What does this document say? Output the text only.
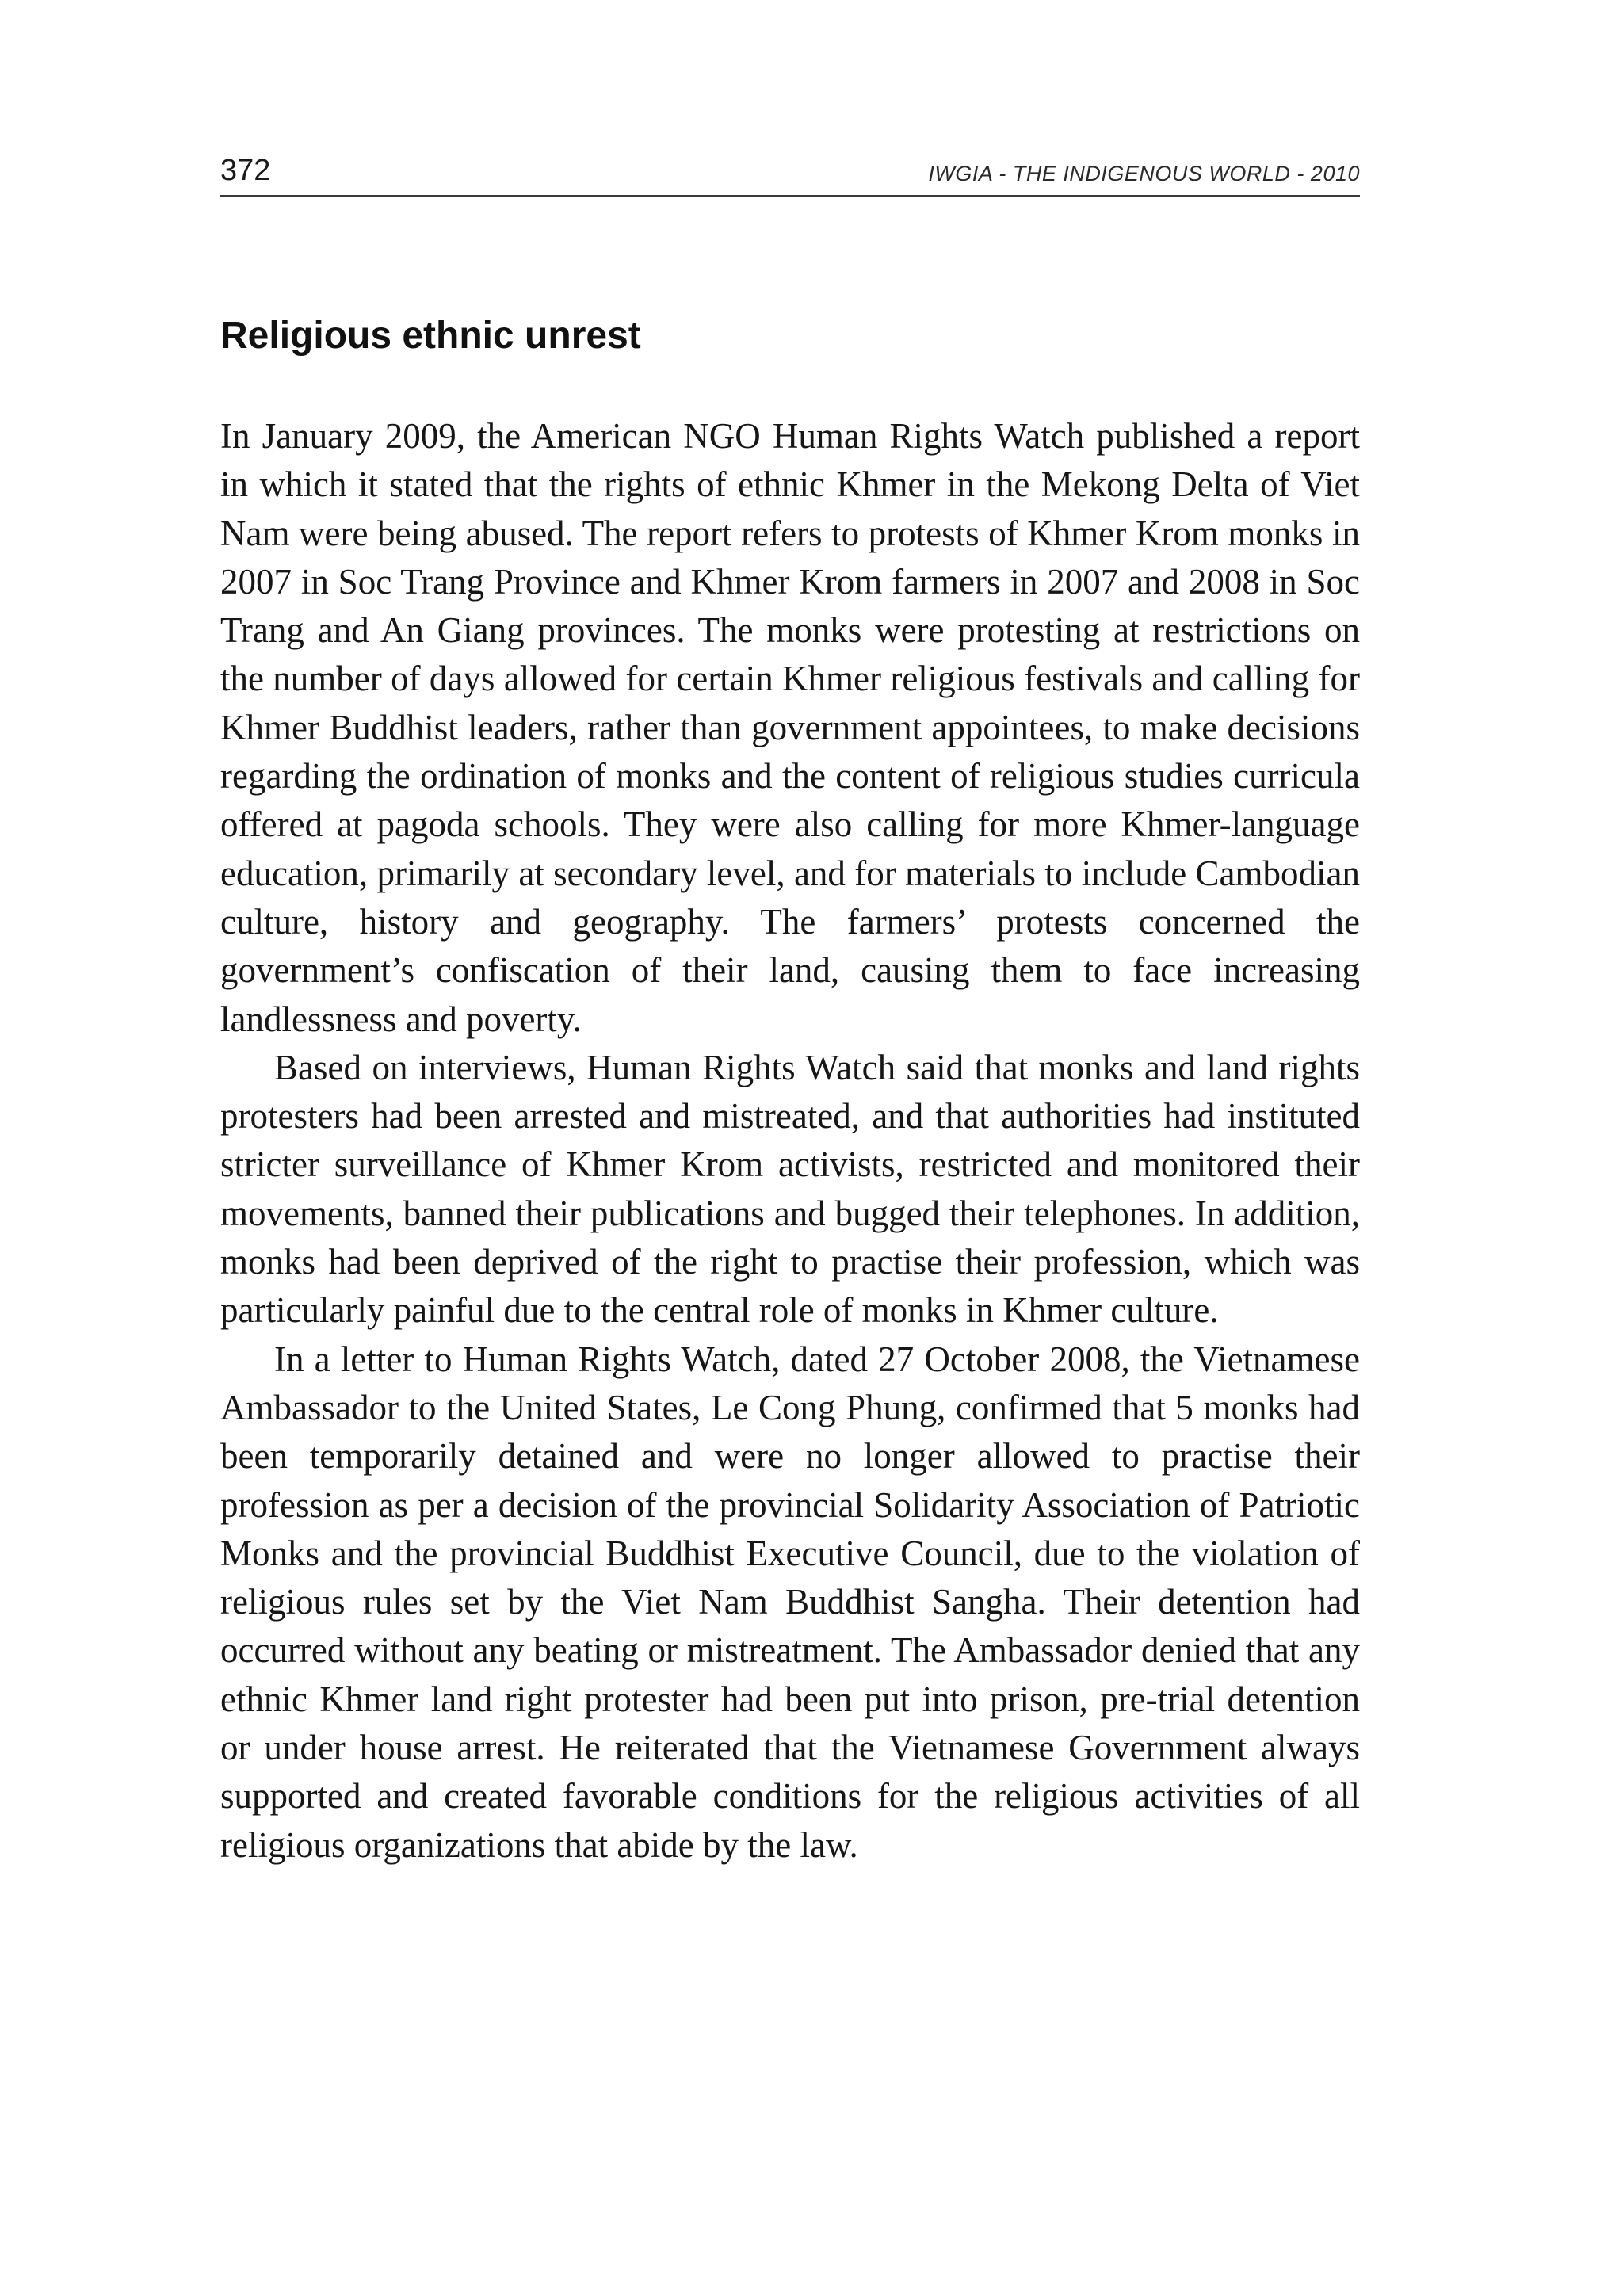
372	IWGIA - THE INDIGENOUS WORLD - 2010
Religious ethnic unrest

In January 2009, the American NGO Human Rights Watch published a report in which it stated that the rights of ethnic Khmer in the Mekong Delta of Viet Nam were being abused. The report refers to protests of Khmer Krom monks in 2007 in Soc Trang Province and Khmer Krom farmers in 2007 and 2008 in Soc Trang and An Giang provinces. The monks were protesting at restrictions on the number of days allowed for certain Khmer religious festivals and calling for Khmer Buddhist leaders, rather than government appointees, to make decisions regarding the ordination of monks and the content of religious studies curricula offered at pagoda schools. They were also calling for more Khmer-language education, primarily at secondary level, and for materials to include Cambodian culture, history and geography. The farmers’ protests concerned the government’s confiscation of their land, causing them to face increasing landlessness and poverty.

Based on interviews, Human Rights Watch said that monks and land rights protesters had been arrested and mistreated, and that authorities had instituted stricter surveillance of Khmer Krom activists, restricted and monitored their movements, banned their publications and bugged their telephones. In addition, monks had been deprived of the right to practise their profession, which was particularly painful due to the central role of monks in Khmer culture.

In a letter to Human Rights Watch, dated 27 October 2008, the Vietnamese Ambassador to the United States, Le Cong Phung, confirmed that 5 monks had been temporarily detained and were no longer allowed to practise their profession as per a decision of the provincial Solidarity Association of Patriotic Monks and the provincial Buddhist Executive Council, due to the violation of religious rules set by the Viet Nam Buddhist Sangha. Their detention had occurred without any beating or mistreatment. The Ambassador denied that any ethnic Khmer land right protester had been put into prison, pre-trial detention or under house arrest. He reiterated that the Vietnamese Government always supported and created favorable conditions for the religious activities of all religious organizations that abide by the law.
